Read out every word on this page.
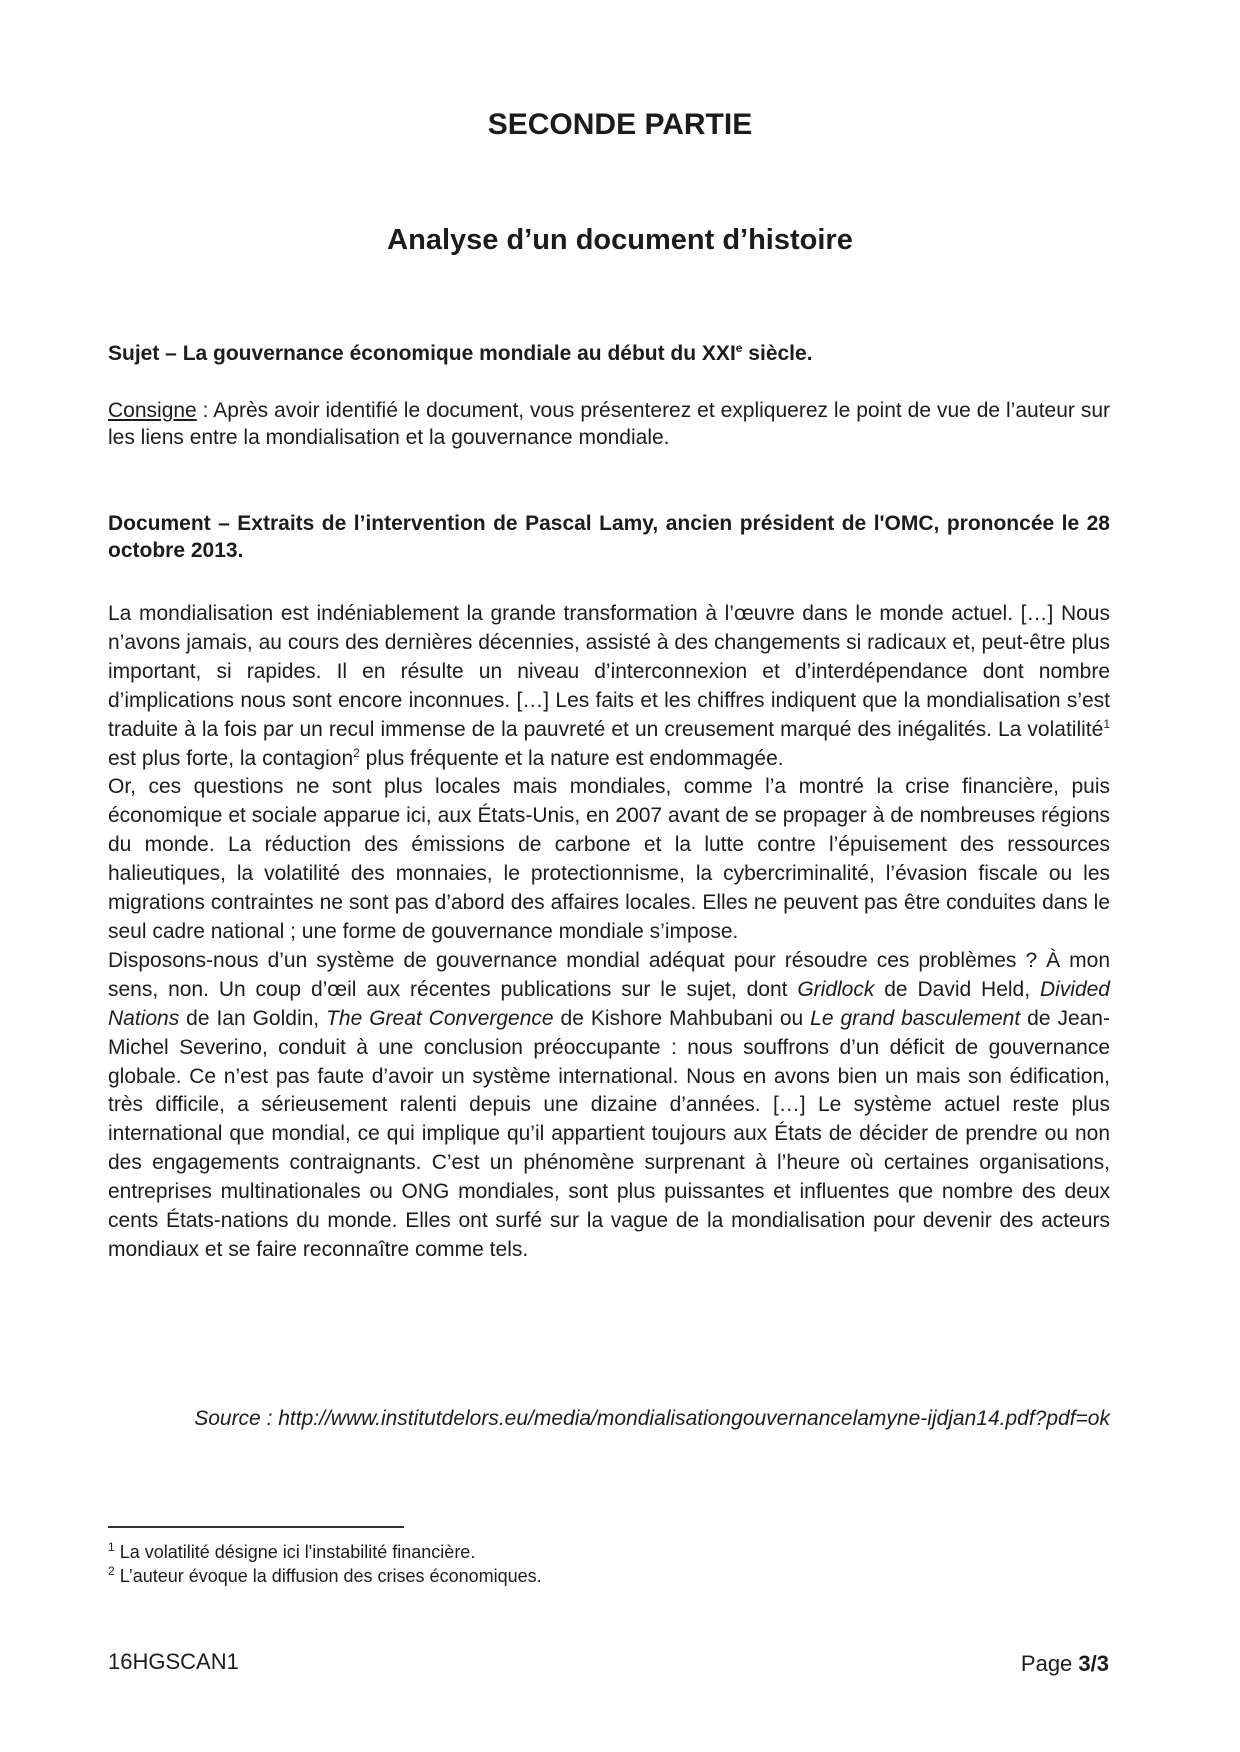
SECONDE PARTIE
Analyse d’un document d’histoire
Sujet – La gouvernance économique mondiale au début du XXIe siècle.
Consigne : Après avoir identifié le document, vous présenterez et expliquerez le point de vue de l’auteur sur les liens entre la mondialisation et la gouvernance mondiale.

Document – Extraits de l’intervention de Pascal Lamy, ancien président de l'OMC, prononcée le 28 octobre 2013.

La mondialisation est indéniablement la grande transformation à l’œuvre dans le monde actuel. […] Nous n’avons jamais, au cours des dernières décennies, assisté à des changements si radicaux et, peut-être plus important, si rapides. Il en résulte un niveau d’interconnexion et d’interdépendance dont nombre d’implications nous sont encore inconnues. […] Les faits et les chiffres indiquent que la mondialisation s’est traduite à la fois par un recul immense de la pauvreté et un creusement marqué des inégalités. La volatilité$^1$ est plus forte, la contagion$^2$ plus fréquente et la nature est endommagée.

Or, ces questions ne sont plus locales mais mondiales, comme l’a montré la crise financière, puis économique et sociale apparue ici, aux États-Unis, en 2007 avant de se propager à de nombreuses régions du monde. La réduction des émissions de carbone et la lutte contre l’épuisement des ressources halieutiques, la volatilité des monnaies, le protectionnisme, la cybercriminalité, l’évasion fiscale ou les migrations contraintes ne sont pas d’abord des affaires locales. Elles ne peuvent pas être conduites dans le seul cadre national ; une forme de gouvernance mondiale s’impose.

Disposons-nous d’un système de gouvernance mondial adéquat pour résoudre ces problèmes ? À mon sens, non. Un coup d’œil aux récentes publications sur le sujet, dont Gridlock de David Held, Divided Nations de Ian Goldin, The Great Convergence de Kishore Mahbubani ou Le grand basculement de Jean-Michel Severino, conduit à une conclusion préoccupante : nous souffrons d’un déficit de gouvernance globale. Ce n’est pas faute d’avoir un système international. Nous en avons bien un mais son édification, très difficile, a sérieusement ralenti depuis une dizaine d’années. […] Le système actuel reste plus international que mondial, ce qui implique qu’il appartient toujours aux États de décider de prendre ou non des engagements contraignants. C’est un phénomène surprenant à l’heure où certaines organisations, entreprises multinationales ou ONG mondiales, sont plus puissantes et influentes que nombre des deux cents États-nations du monde. Elles ont surfé sur la vague de la mondialisation pour devenir des acteurs mondiaux et se faire reconnaître comme tels.

Source : http://www.institutdelors.eu/media/mondialisationgouvernancelamyne-ijdjan14.pdf?pdf=ok
$^1$ La volatilité désigne ici l'instabilité financière.
$^2$ L’auteur évoque la diffusion des crises économiques.
16HGSCAN1	Page 3/3
